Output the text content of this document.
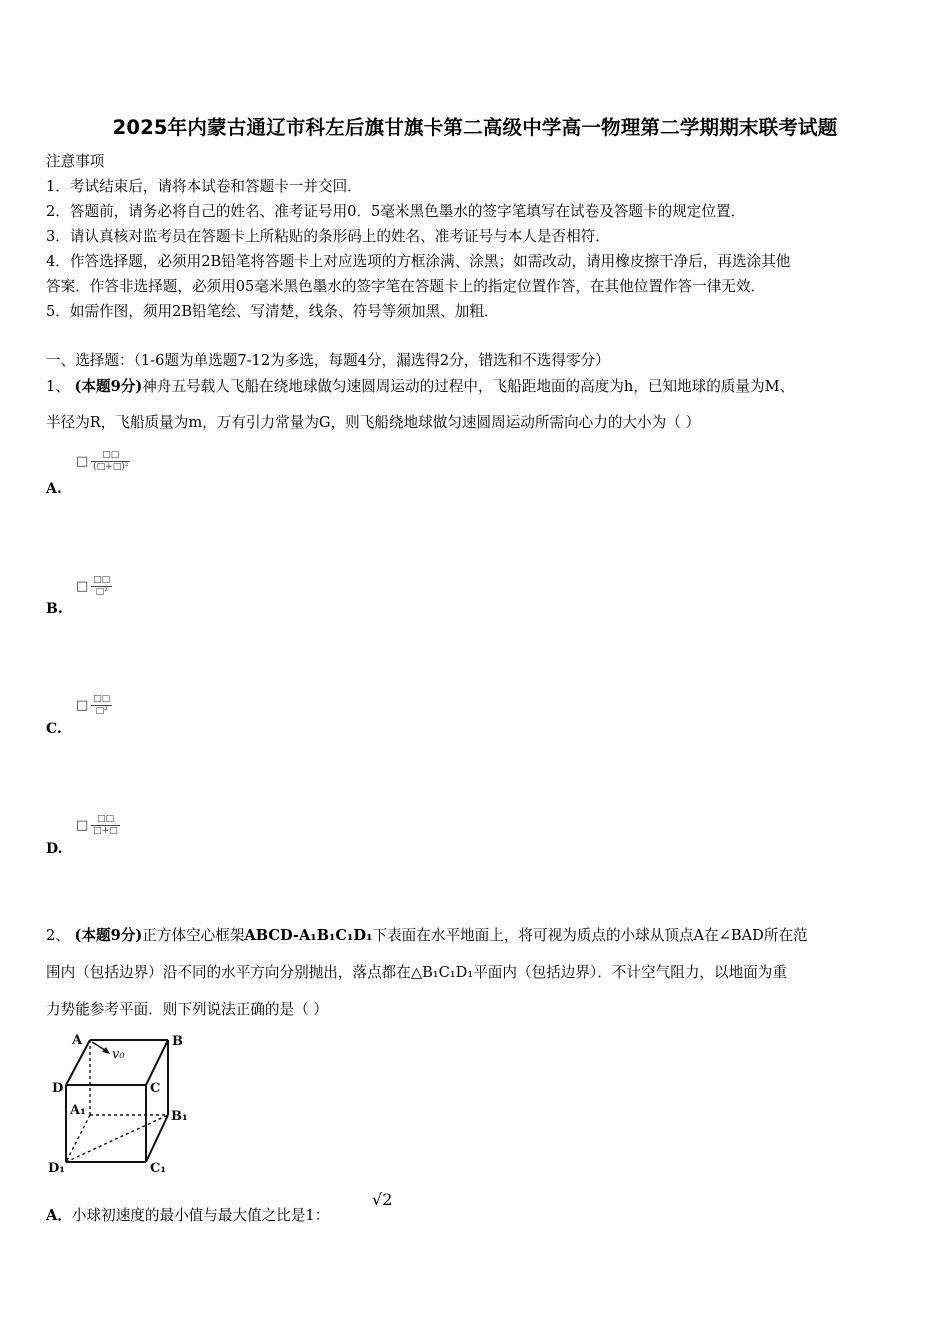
2025年内蒙古通辽市科左后旗甘旗卡第二高级中学高一物理第二学期期末联考试题
注意事项
1．考试结束后，请将本试卷和答题卡一并交回．
2．答题前，请务必将自己的姓名、准考证号用0．5毫米黑色墨水的签字笔填写在试卷及答题卡的规定位置．
3．请认真核对监考员在答题卡上所粘贴的条形码上的姓名、准考证号与本人是否相符．
4．作答选择题，必须用2B铅笔将答题卡上对应选项的方框涂满、涂黑；如需改动，请用橡皮擦干净后，再选涂其他
答案．作答非选择题，必须用05毫米黑色墨水的签字笔在答题卡上的指定位置作答，在其他位置作答一律无效．
5．如需作图，须用2B铅笔绘、写清楚，线条、符号等须加黑、加粗．
一、选择题：（1-6题为单选题7-12为多选，每题4分，漏选得2分，错选和不选得零分）
1、 (本题9分)神舟五号载人飞船在绕地球做匀速圆周运动的过程中，飞船距地面的高度为h，已知地球的质量为M、
半径为R，飞船质量为m，万有引力常量为G，则飞船绕地球做匀速圆周运动所需向心力的大小为（ ）
□ $\frac{□□}{\text{(□+□)²}}$
A.
□ $\frac{□□}{\text{□²}}$
B.
□ $\frac{□□}{\text{□²}}$
C.
□ $\frac{□□}{□+□}$
D.
2、 (本题9分)正方体空心框架ABCD-A₁B₁C₁D₁下表面在水平地面上，将可视为质点的小球从顶点A在∠BAD所在范
围内（包括边界）沿不同的水平方向分别抛出，落点都在△B₁C₁D₁平面内（包括边界）．不计空气阻力，以地面为重
力势能参考平面．则下列说法正确的是（ ）
A	B
C
D
A₁	B₁
C₁
D₁
v₀
A．小球初速度的最小值与最大值之比是1：
√2
